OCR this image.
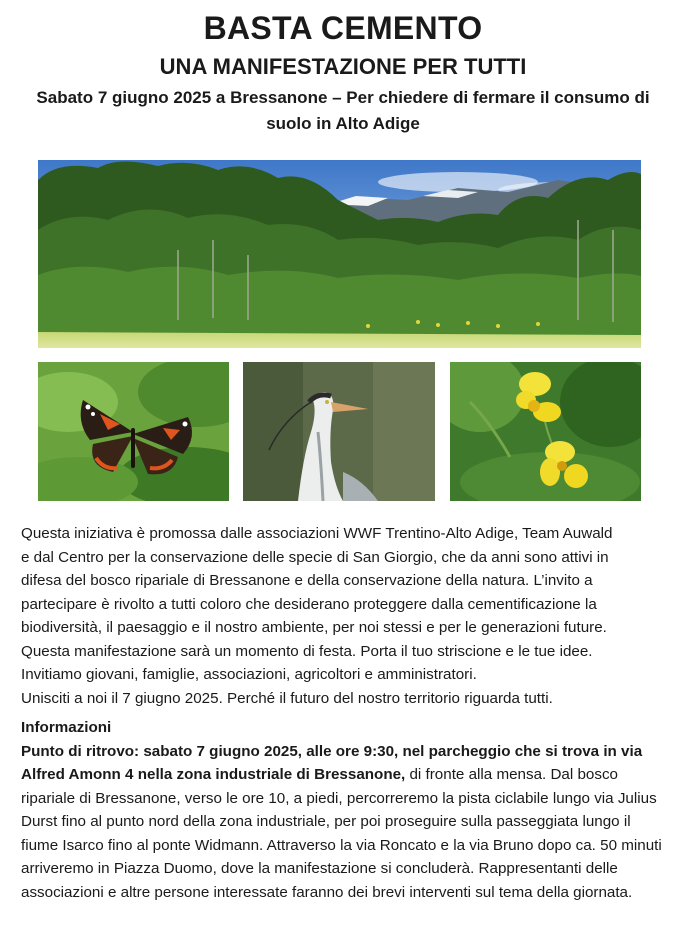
BASTA CEMENTO
UNA MANIFESTAZIONE PER TUTTI
Sabato 7 giugno 2025 a Bressanone – Per chiedere di fermare il consumo di suolo in Alto Adige

Questa iniziativa è promossa dalle associazioni WWF Trentino-Alto Adige, Team Auwald

e dal Centro per la conservazione delle specie di San Giorgio, che da anni sono attivi in

difesa del bosco ripariale di Bressanone e della conservazione della natura. L’invito a

partecipare è rivolto a tutti coloro che desiderano proteggere dalla cementificazione la

biodiversità, il paesaggio e il nostro ambiente, per noi stessi e per le generazioni future.

Questa manifestazione sarà un momento di festa. Porta il tuo striscione e le tue idee.

Invitiamo giovani, famiglie, associazioni, agricoltori e amministratori.

Unisciti a noi il 7 giugno 2025. Perché il futuro del nostro territorio riguarda tutti.

Informazioni
Punto di ritrovo: sabato 7 giugno 2025, alle ore 9:30, nel parcheggio che si trova in via Alfred Amonn 4 nella zona industriale di Bressanone, di fronte alla mensa. Dal bosco ripariale di Bressanone, verso le ore 10, a piedi, percorreremo la pista ciclabile lungo via Julius Durst fino al punto nord della zona industriale, per poi proseguire sulla passeggiata lungo il fiume Isarco fino al ponte Widmann. Attraverso la via Roncato e la via Bruno dopo ca. 50 minuti arriveremo in Piazza Duomo, dove la manifestazione si concluderà. Rappresentanti delle associazioni e altre persone interessate faranno dei brevi interventi sul tema della giornata.
